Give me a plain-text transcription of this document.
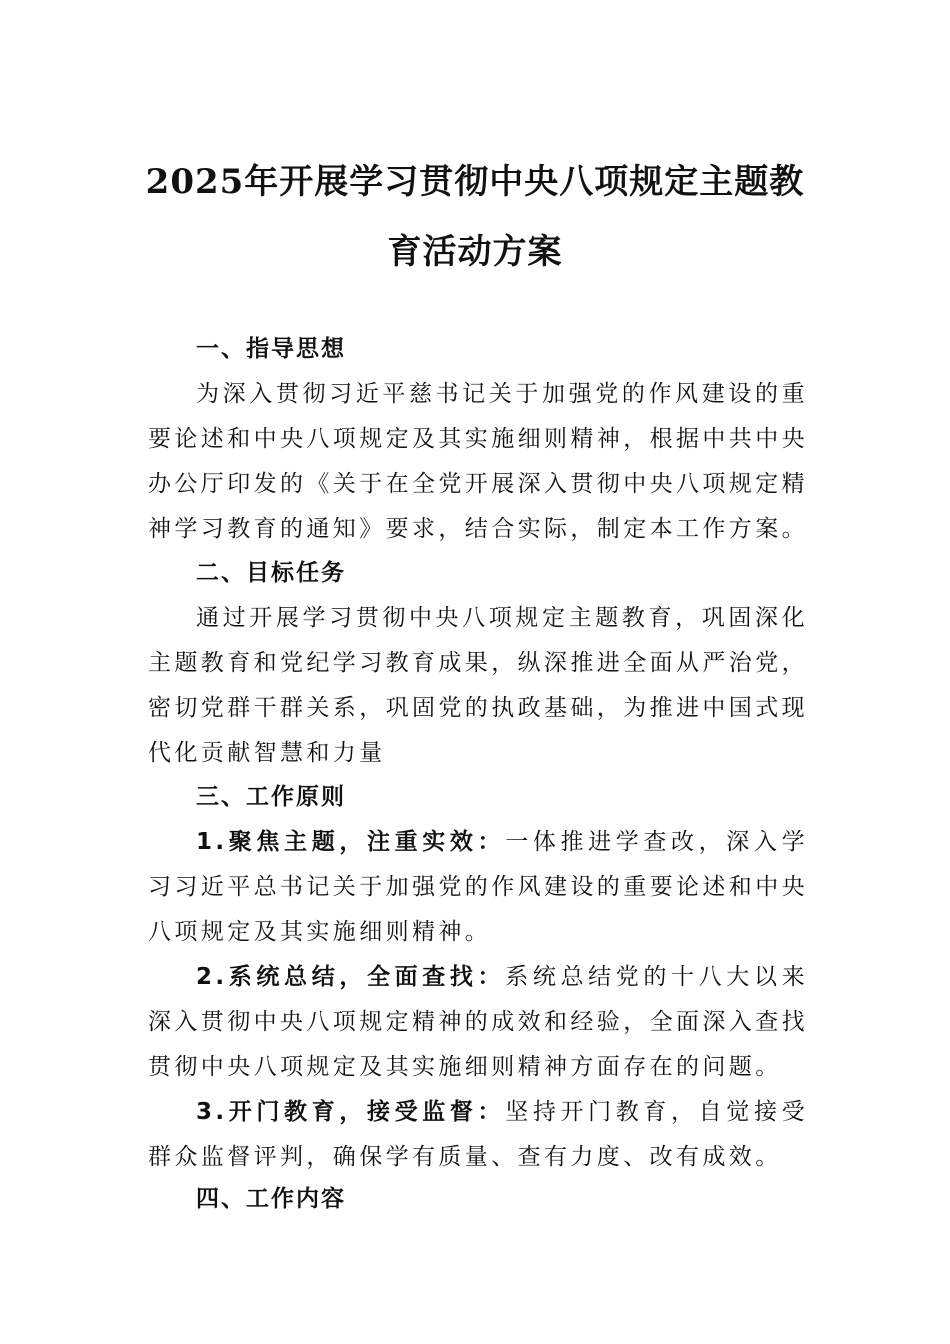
2025年开展学习贯彻中央八项规定主题教
育活动方案
一、指导思想

为深入贯彻习近平慈书记关于加强党的作风建设的重要论述和中央八项规定及其实施细则精神，根据中共中央办公厅印发的《关于在全党开展深入贯彻中央八项规定精神学习教育的通知》要求，结合实际，制定本工作方案。

二、目标任务

通过开展学习贯彻中央八项规定主题教育，巩固深化主题教育和党纪学习教育成果，纵深推进全面从严治党，密切党群干群关系，巩固党的执政基础，为推进中国式现代化贡献智慧和力量

三、工作原则

1.聚焦主题，注重实效：一体推进学查改，深入学习习近平总书记关于加强党的作风建设的重要论述和中央八项规定及其实施细则精神。

2.系统总结，全面查找：系统总结党的十八大以来深入贯彻中央八项规定精神的成效和经验，全面深入查找贯彻中央八项规定及其实施细则精神方面存在的问题。

3.开门教育，接受监督：坚持开门教育，自觉接受群众监督评判，确保学有质量、查有力度、改有成效。

四、工作内容
